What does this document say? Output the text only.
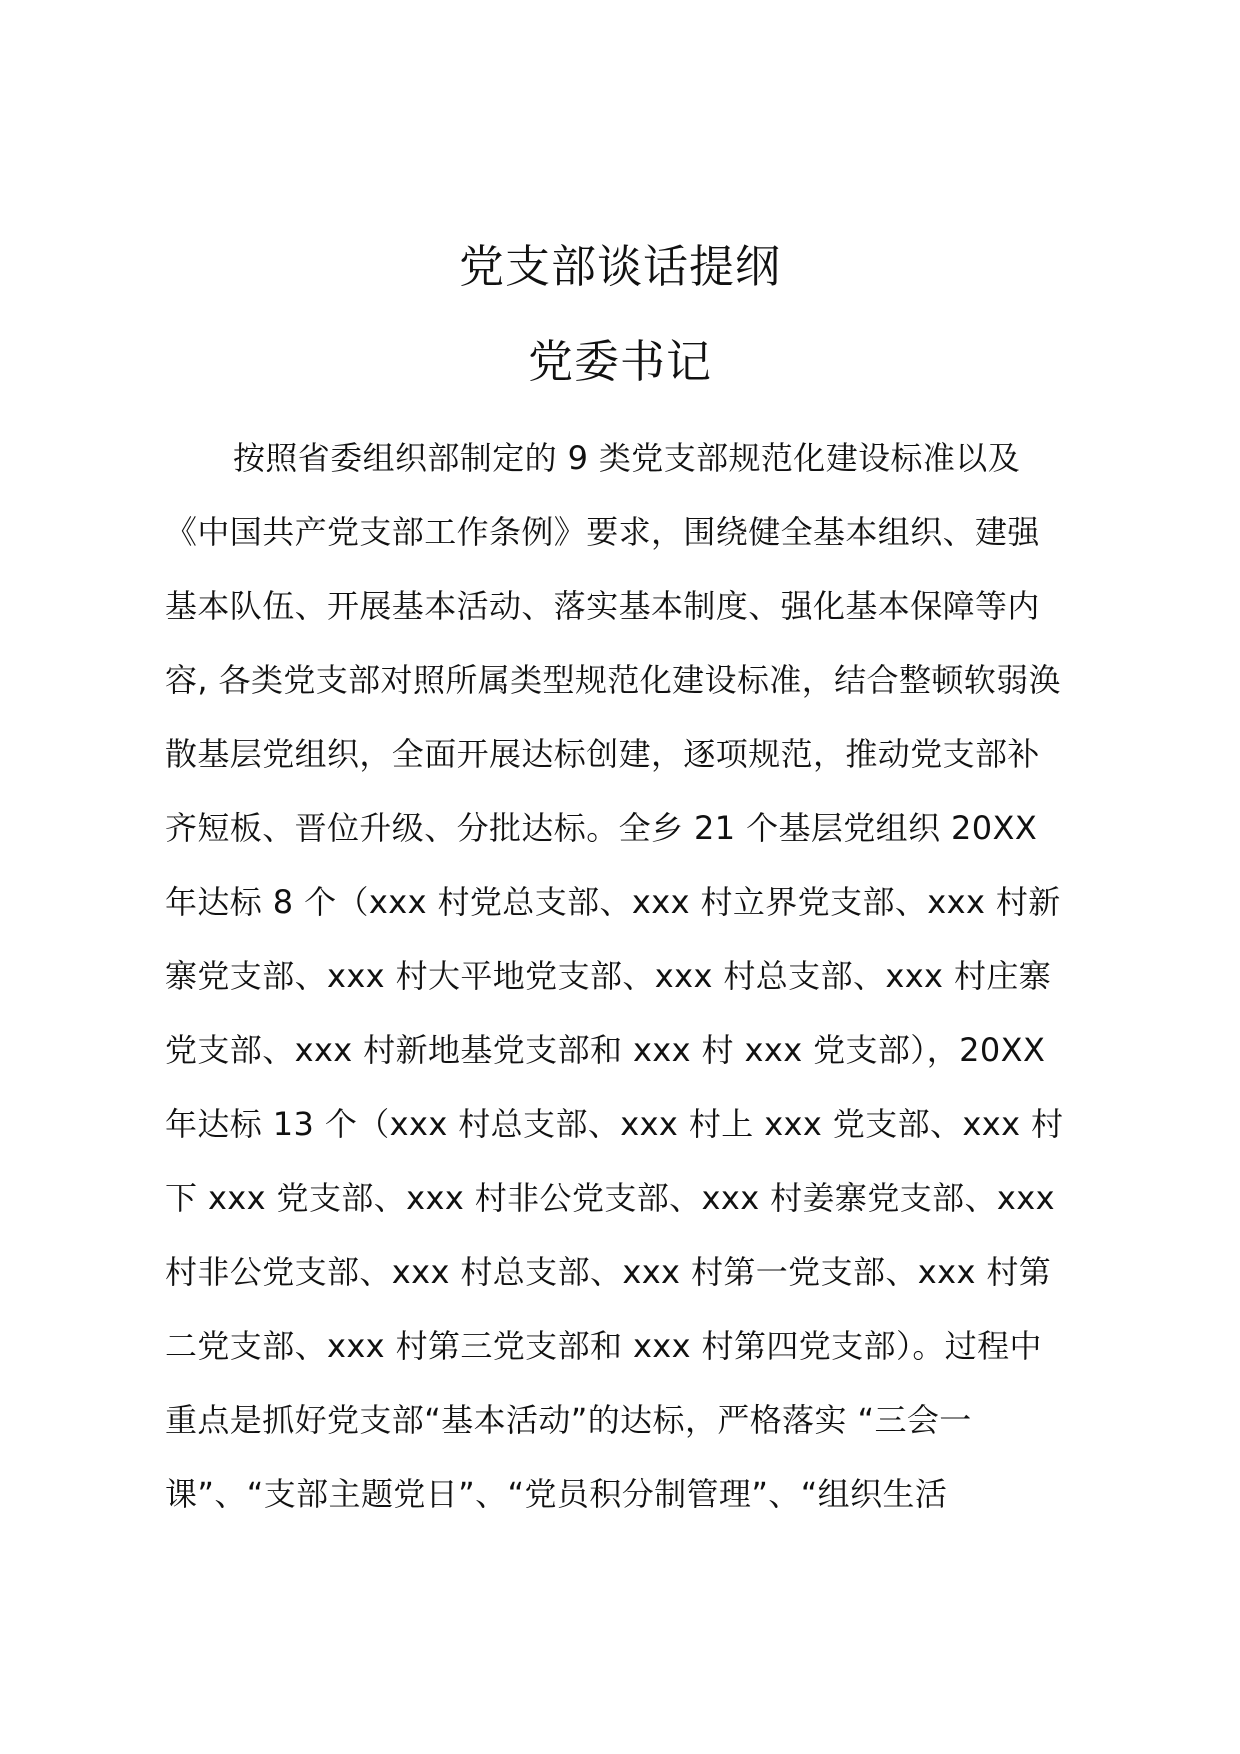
党支部谈话提纲
党委书记
按照省委组织部制定的 9 类党支部规范化建设标准以及
《中国共产党支部工作条例》要求，围绕健全基本组织、建强
基本队伍、开展基本活动、落实基本制度、强化基本保障等内
容, 各类党支部对照所属类型规范化建设标准，结合整顿软弱涣
散基层党组织，全面开展达标创建，逐项规范，推动党支部补
齐短板、晋位升级、分批达标。全乡 21 个基层党组织 20XX
年达标 8 个（xxx 村党总支部、xxx 村立界党支部、xxx 村新
寨党支部、xxx 村大平地党支部、xxx 村总支部、xxx 村庄寨
党支部、xxx 村新地基党支部和 xxx 村 xxx 党支部），20XX
年达标 13 个（xxx 村总支部、xxx 村上 xxx 党支部、xxx 村
下 xxx 党支部、xxx 村非公党支部、xxx 村姜寨党支部、xxx
村非公党支部、xxx 村总支部、xxx 村第一党支部、xxx 村第
二党支部、xxx 村第三党支部和 xxx 村第四党支部）。过程中
重点是抓好党支部“基本活动”的达标，严格落实 “三会一
课”、“支部主题党日”、“党员积分制管理”、“组织生活
